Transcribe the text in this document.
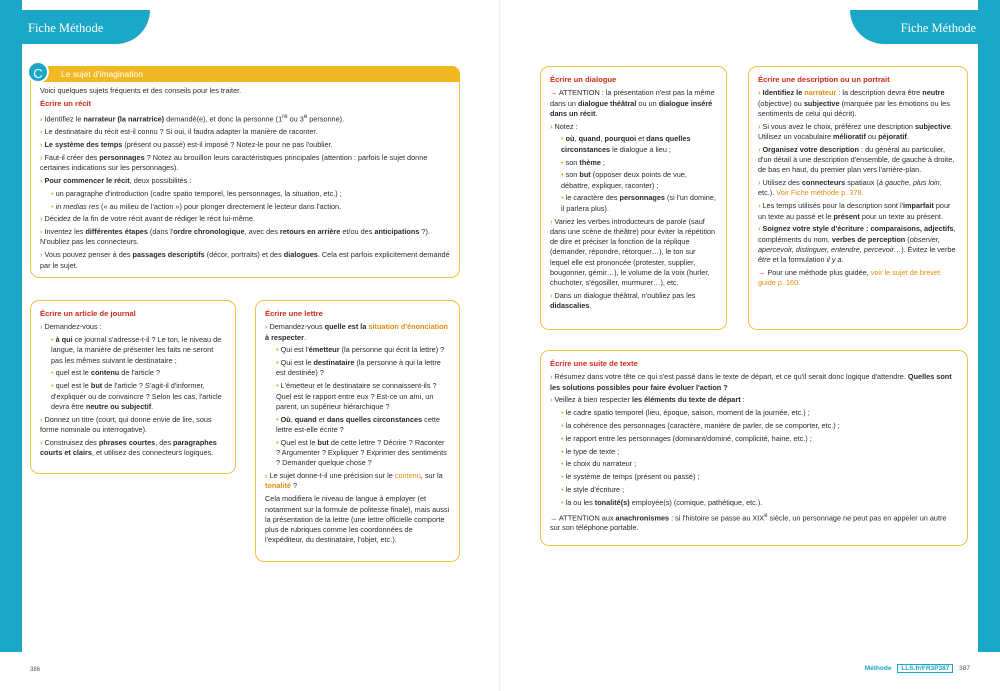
Fiche Méthode	Fiche Méthode
Le sujet d'imagination
C

Voici quelques sujets fréquents et des conseils pour les traiter.

Écrire un récit

› Identifiez le narrateur (la narratrice) demandé(e), et donc la personne (1re ou 3e personne).

› Le destinataire du récit est-il connu ? Si oui, il faudra adapter la manière de raconter.

› Le système des temps (présent ou passé) est-il imposé ? Notez-le pour ne pas l'oublier.

› Faut-il créer des personnages ? Notez au brouillon leurs caractéristiques principales (attention : parfois le sujet donne certaines indications sur les personnages).

› Pour commencer le récit, deux possibilités :

• un paragraphe d'introduction (cadre spatio temporel, les personnages, la situation, etc.) ;

• in medias res (« au milieu de l'action ») pour plonger directement le lecteur dans l'action.

› Décidez de la fin de votre récit avant de rédiger le récit lui-même.

› Inventez les différentes étapes (dans l'ordre chronologique, avec des retours en arrière et/ou des anticipations ?). N'oubliez pas les connecteurs.

› Vous pouvez penser à des passages descriptifs (décor, portraits) et des dialogues. Cela est parfois explicitement demandé par le sujet.

Écrire un article de journal

› Demandez-vous :

• à qui ce journal s'adresse-t-il ? Le ton, le niveau de langue, la manière de présenter les faits ne seront pas les mêmes suivant le destinataire ;

• quel est le contenu de l'article ?

• quel est le but de l'article ? S'agit-il d'informer, d'expliquer ou de convaincre ? Selon les cas, l'article devra être neutre ou subjectif.

› Donnez un titre (court, qui donne envie de lire, sous forme nominale ou interrogative).

› Construisez des phrases courtes, des paragraphes courts et clairs, et utilisez des connecteurs logiques.

Écrire une lettre

› Demandez-vous quelle est la situation d'énonciation à respecter.

• Qui est l'émetteur (la personne qui écrit la lettre) ?

• Qui est le destinataire (la personne à qui la lettre est destinée) ?

• L'émetteur et le destinataire se connaissent-ils ? Quel est le rapport entre eux ? Est-ce un ami, un parent, un supérieur hiérarchique ?

• Où, quand et dans quelles circonstances cette lettre est-elle écrite ?

• Quel est le but de cette lettre ? Décrire ? Raconter ? Argumenter ? Expliquer ? Exprimer des sentiments ? Demander quelque chose ?

› Le sujet donne-t-il une précision sur le contenu, sur la tonalité ?

Cela modifiera le niveau de langue à employer (et notamment sur la formule de politesse finale), mais aussi la présentation de la lettre (une lettre officielle comporte plus de rubriques comme les coordonnées de l'expéditeur, du destinataire, l'objet, etc.).

Écrire un dialogue

→ ATTENTION : la présentation n'est pas la même dans un dialogue théâtral ou un dialogue inséré dans un récit.

› Notez :

• où, quand, pourquoi et dans quelles circonstances le dialogue a lieu ;

• son thème ;

• son but (opposer deux points de vue, débattre, expliquer, raconter) ;

• le caractère des personnages (si l'un domine, il parlera plus).

› Variez les verbes introducteurs de parole (sauf dans une scène de théâtre) pour éviter la répétition de dire et préciser la fonction de la réplique (demander, répondre, rétorquer…), le ton sur lequel elle est prononcée (protester, supplier, bougonner, gémir…), le volume de la voix (hurler, chuchoter, s'égosiller, murmurer…), etc.

› Dans un dialogue théâtral, n'oubliez pas les didascalies.

Écrire une description ou un portrait

› Identifiez le narrateur : la description devra être neutre (objective) ou subjective (marquée par les émotions ou les sentiments de celui qui décrit).

› Si vous avez le choix, préférez une description subjective. Utilisez un vocabulaire mélioratif ou péjoratif.

› Organisez votre description : du général au particulier, d'un détail à une description d'ensemble, de gauche à droite, de bas en haut, du premier plan vers l'arrière-plan.

› Utilisez des connecteurs spatiaux (à gauche, plus loin, etc.). Voir Fiche méthode p. 378.

› Les temps utilisés pour la description sont l'imparfait pour un texte au passé et le présent pour un texte au présent.

› Soignez votre style d'écriture : comparaisons, adjectifs, compléments du nom, verbes de perception (observer, apercevoir, distinguer, entendre, percevoir…). Évitez le verbe être et la formulation il y a.

→ Pour une méthode plus guidée, voir le sujet de brevet guide p. 160.

Écrire une suite de texte

› Résumez dans votre tête ce qui s'est passé dans le texte de départ, et ce qu'il serait donc logique d'attendre. Quelles sont les solutions possibles pour faire évoluer l'action ?

› Veillez à bien respecter les éléments du texte de départ :

• le cadre spatio temporel (lieu, époque, saison, moment de la journée, etc.) ;

• la cohérence des personnages (caractère, manière de parler, de se comporter, etc.) ;

• le rapport entre les personnages (dominant/dominé, complicité, haine, etc.) ;

• le type de texte ;

• le choix du narrateur ;

• le système de temps (présent ou passé) ;

• le style d'écriture ;

• la ou les tonalité(s) employée(s) (comique, pathétique, etc.).

→ ATTENTION aux anachronismes : si l'histoire se passe au XIXe siècle, un personnage ne peut pas en appeler un autre sur son téléphone portable.

386	Méthode LLS.fr/FR3P387 387
